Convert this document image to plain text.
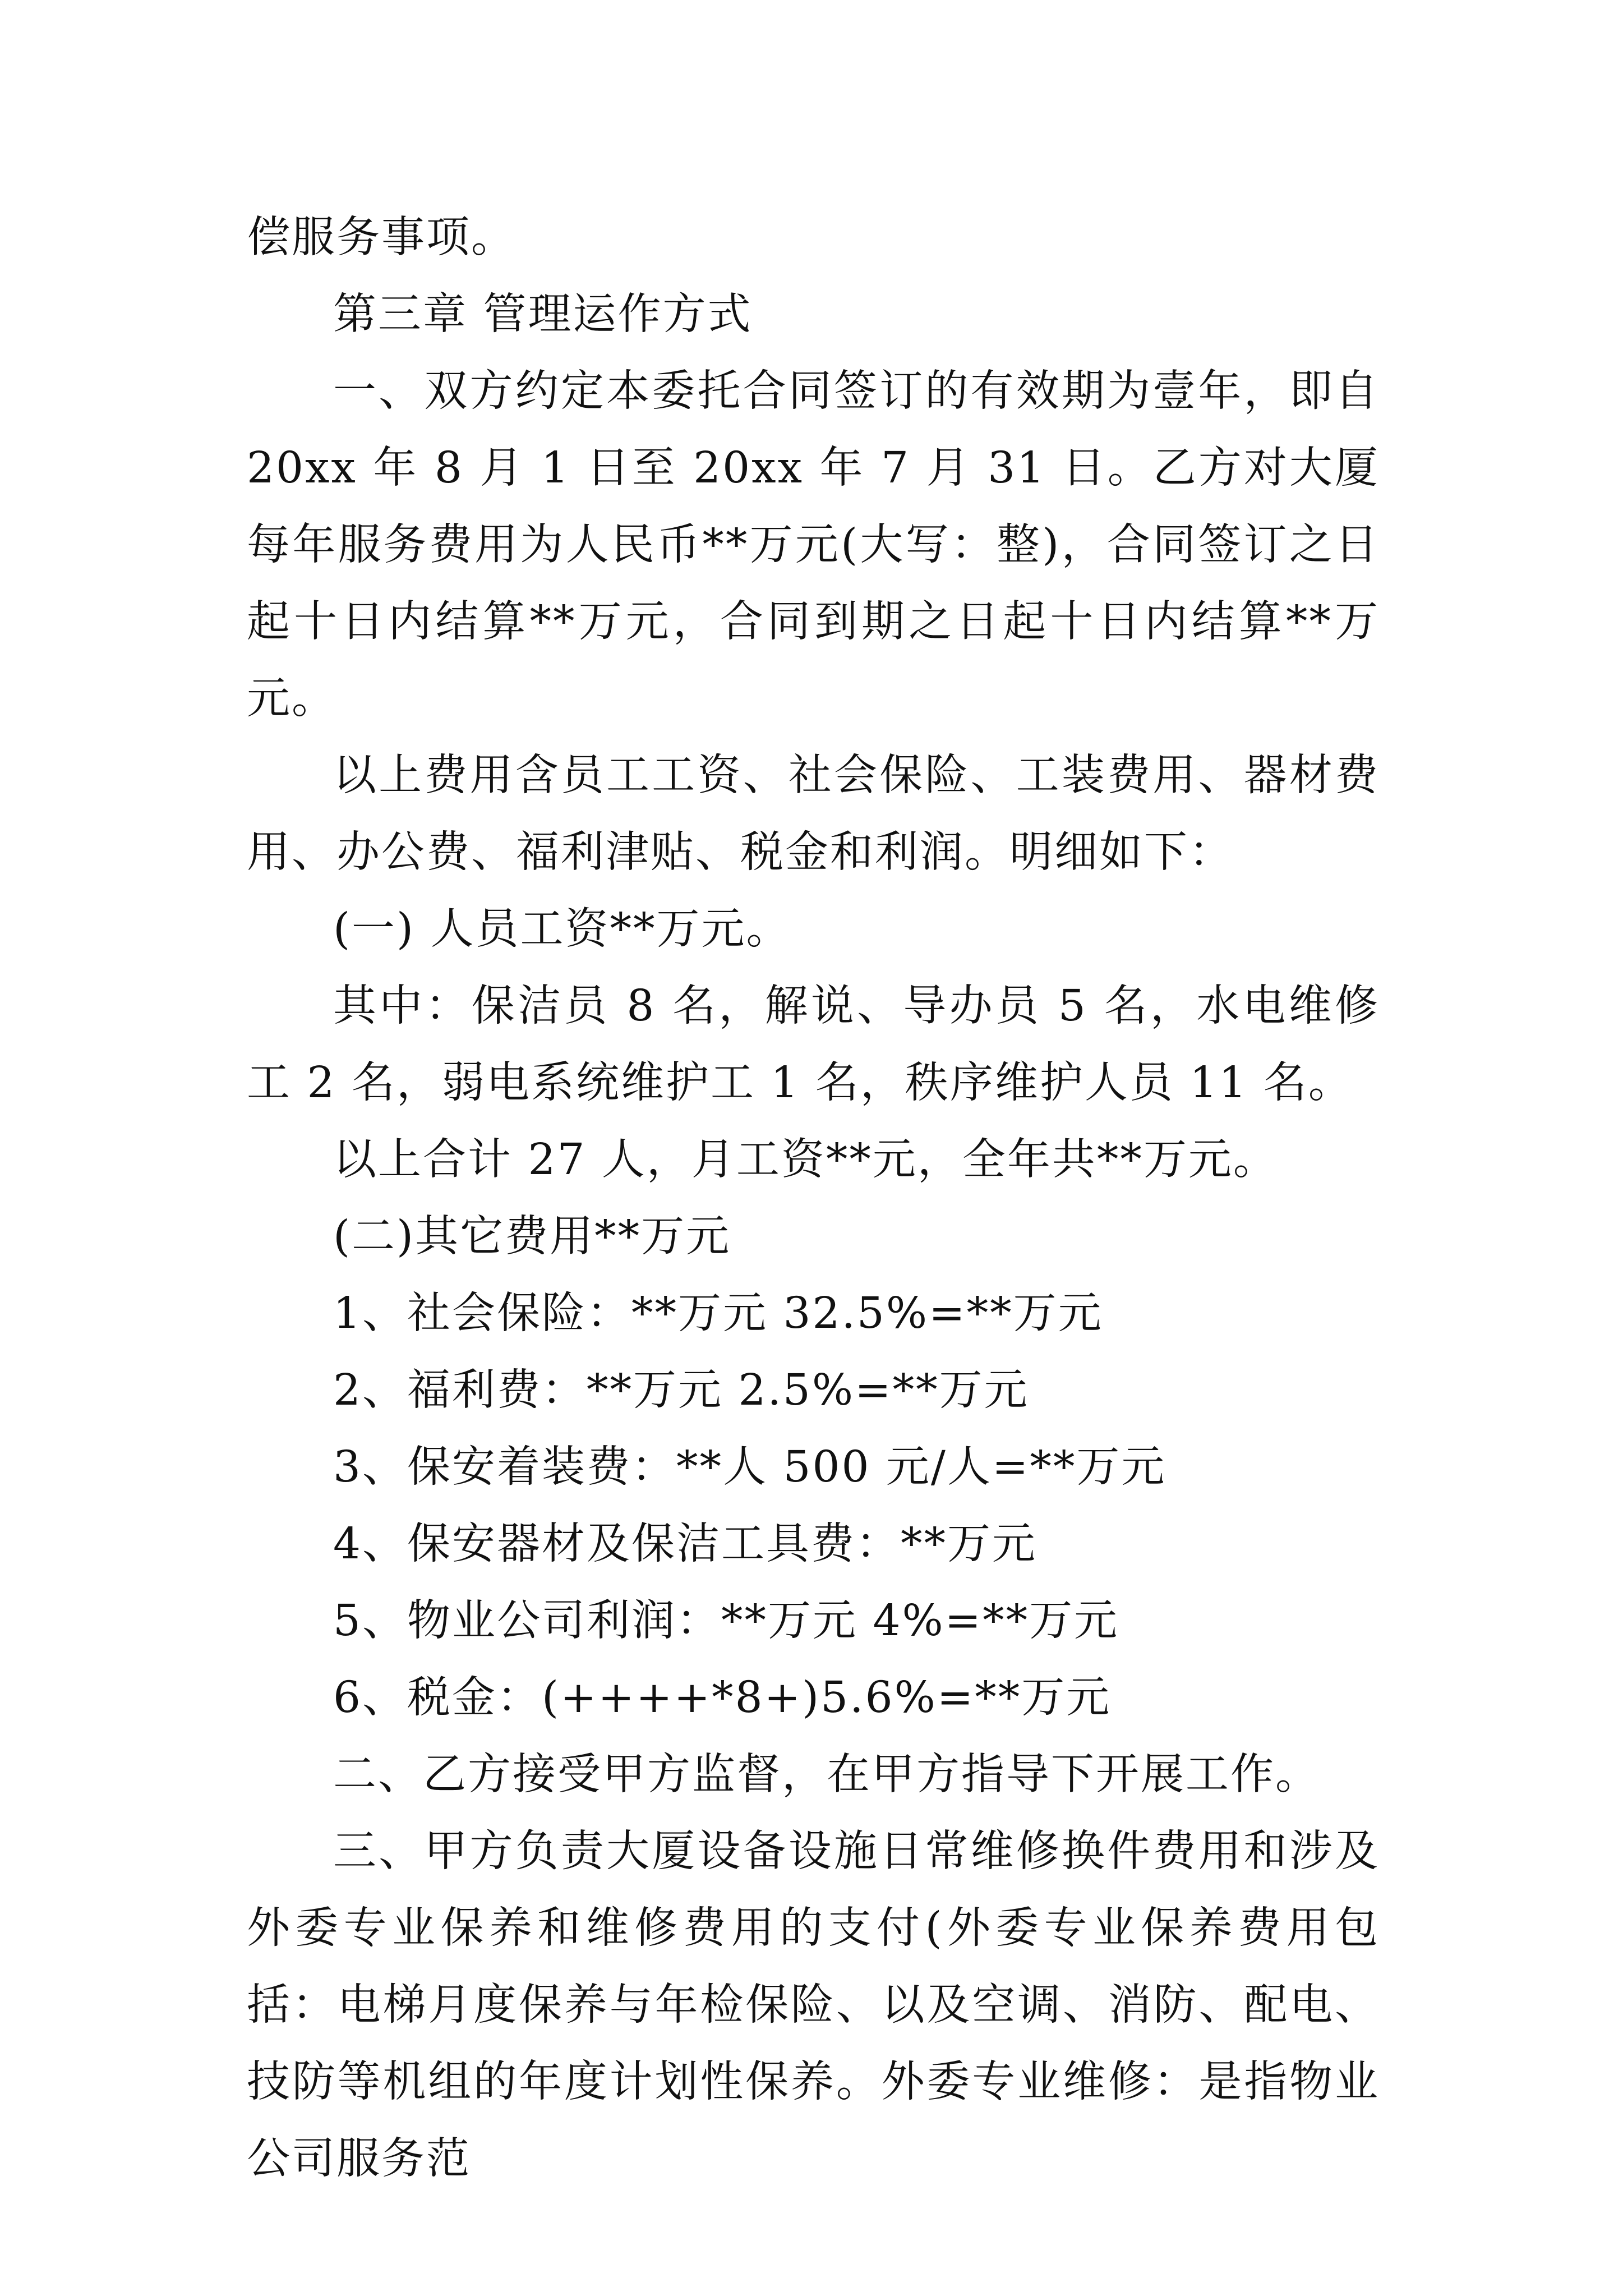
偿服务事项。

第三章 管理运作方式

一、双方约定本委托合同签订的有效期为壹年，即自20xx 年 8 月 1 日至 20xx 年 7 月 31 日。乙方对大厦每年服务费用为人民币**万元(大写：整)，合同签订之日起十日内结算**万元，合同到期之日起十日内结算**万元。

以上费用含员工工资、社会保险、工装费用、器材费用、办公费、福利津贴、税金和利润。明细如下：

(一) 人员工资**万元。

其中：保洁员 8 名，解说、导办员 5 名，水电维修工 2 名，弱电系统维护工 1 名，秩序维护人员 11 名。

以上合计 27 人，月工资**元，全年共**万元。

(二)其它费用**万元

1、社会保险：**万元 32.5%=**万元

2、福利费：**万元 2.5%=**万元

3、保安着装费：**人 500 元/人=**万元

4、保安器材及保洁工具费：**万元

5、物业公司利润：**万元 4%=**万元

6、税金：(++++*8+)5.6%=**万元

二、乙方接受甲方监督，在甲方指导下开展工作。

三、甲方负责大厦设备设施日常维修换件费用和涉及外委专业保养和维修费用的支付(外委专业保养费用包括：电梯月度保养与年检保险、以及空调、消防、配电、技防等机组的年度计划性保养。外委专业维修：是指物业公司服务范
